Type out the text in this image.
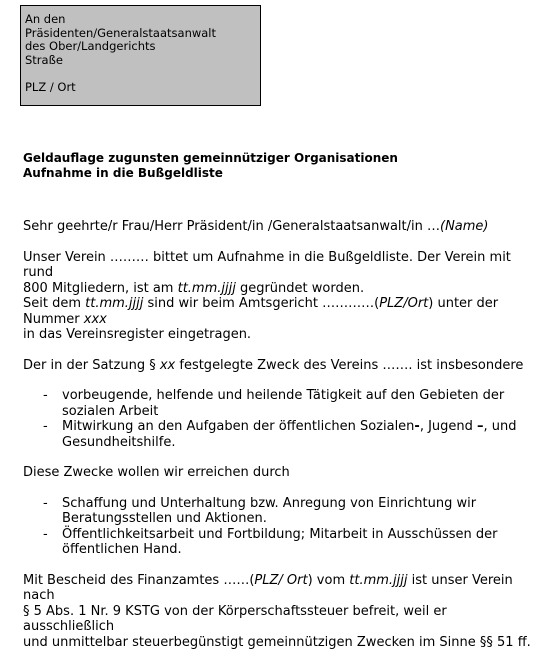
An den Präsidenten/Generalstaatsanwalt
des Ober/Landgerichts
Straße
PLZ / Ort
Geldauflage zugunsten gemeinnütziger Organisationen
Aufnahme in die Bußgeldliste

Sehr geehrte/r Frau/Herr Präsident/in /Generalstaatsanwalt/in …(Name)

Unser Verein ……… bittet um Aufnahme in die Bußgeldliste. Der Verein mit rund
800 Mitgliedern, ist am tt.mm.jjjj gegründet worden.
Seit dem tt.mm.jjjj sind wir beim Amtsgericht …………(PLZ/Ort) unter der
Nummer xxx
in das Vereinsregister eingetragen.
Der in der Satzung § xx festgelegte Zweck des Vereins ……. ist insbesondere
- vorbeugende, helfende und heilende Tätigkeit auf den Gebieten der
sozialen Arbeit
- Mitwirkung an den Aufgaben der öffentlichen Sozialen-, Jugend –, und
Gesundheitshilfe.

Diese Zwecke wollen wir erreichen durch

- Schaffung und Unterhaltung bzw. Anregung von Einrichtung wir
Beratungsstellen und Aktionen.
- Öffentlichkeitsarbeit und Fortbildung; Mitarbeit in Ausschüssen der
öffentlichen Hand.
Mit Bescheid des Finanzamtes ……(PLZ/ Ort) vom tt.mm.jjjj ist unser Verein nach
§ 5 Abs. 1 Nr. 9 KSTG von der Körperschaftssteuer befreit, weil er ausschließlich
und unmittelbar steuerbegünstigt gemeinnützigen Zwecken im Sinne §§ 51 ff.
